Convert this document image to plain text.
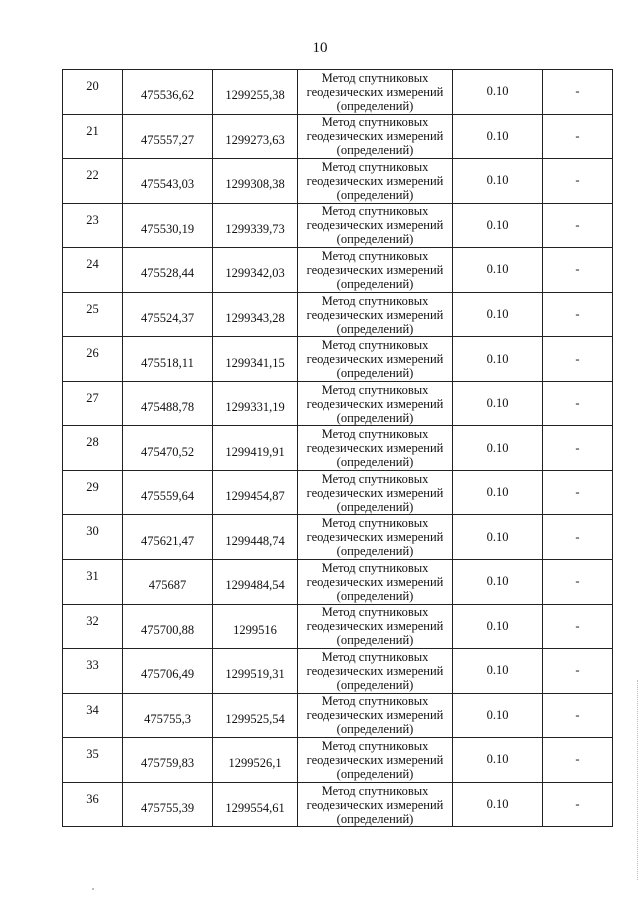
10
20	475536,62	1299255,38	Метод спутниковых
геодезических измерений
(определений)	0.10	-
21	475557,27	1299273,63	Метод спутниковых
геодезических измерений
(определений)	0.10	-
22	475543,03	1299308,38	Метод спутниковых
геодезических измерений
(определений)	0.10	-
23	475530,19	1299339,73	Метод спутниковых
геодезических измерений
(определений)	0.10	-
24	475528,44	1299342,03	Метод спутниковых
геодезических измерений
(определений)	0.10	-
25	475524,37	1299343,28	Метод спутниковых
геодезических измерений
(определений)	0.10	-
26	475518,11	1299341,15	Метод спутниковых
геодезических измерений
(определений)	0.10	-
27	475488,78	1299331,19	Метод спутниковых
геодезических измерений
(определений)	0.10	-
28	475470,52	1299419,91	Метод спутниковых
геодезических измерений
(определений)	0.10	-
29	475559,64	1299454,87	Метод спутниковых
геодезических измерений
(определений)	0.10	-
30	475621,47	1299448,74	Метод спутниковых
геодезических измерений
(определений)	0.10	-
31	475687	1299484,54	Метод спутниковых
геодезических измерений
(определений)	0.10	-
32	475700,88	1299516	Метод спутниковых
геодезических измерений
(определений)	0.10	-
33	475706,49	1299519,31	Метод спутниковых
геодезических измерений
(определений)	0.10	-
34	475755,3	1299525,54	Метод спутниковых
геодезических измерений
(определений)	0.10	-
35	475759,83	1299526,1	Метод спутниковых
геодезических измерений
(определений)	0.10	-
36	475755,39	1299554,61	Метод спутниковых
геодезических измерений
(определений)	0.10	-
